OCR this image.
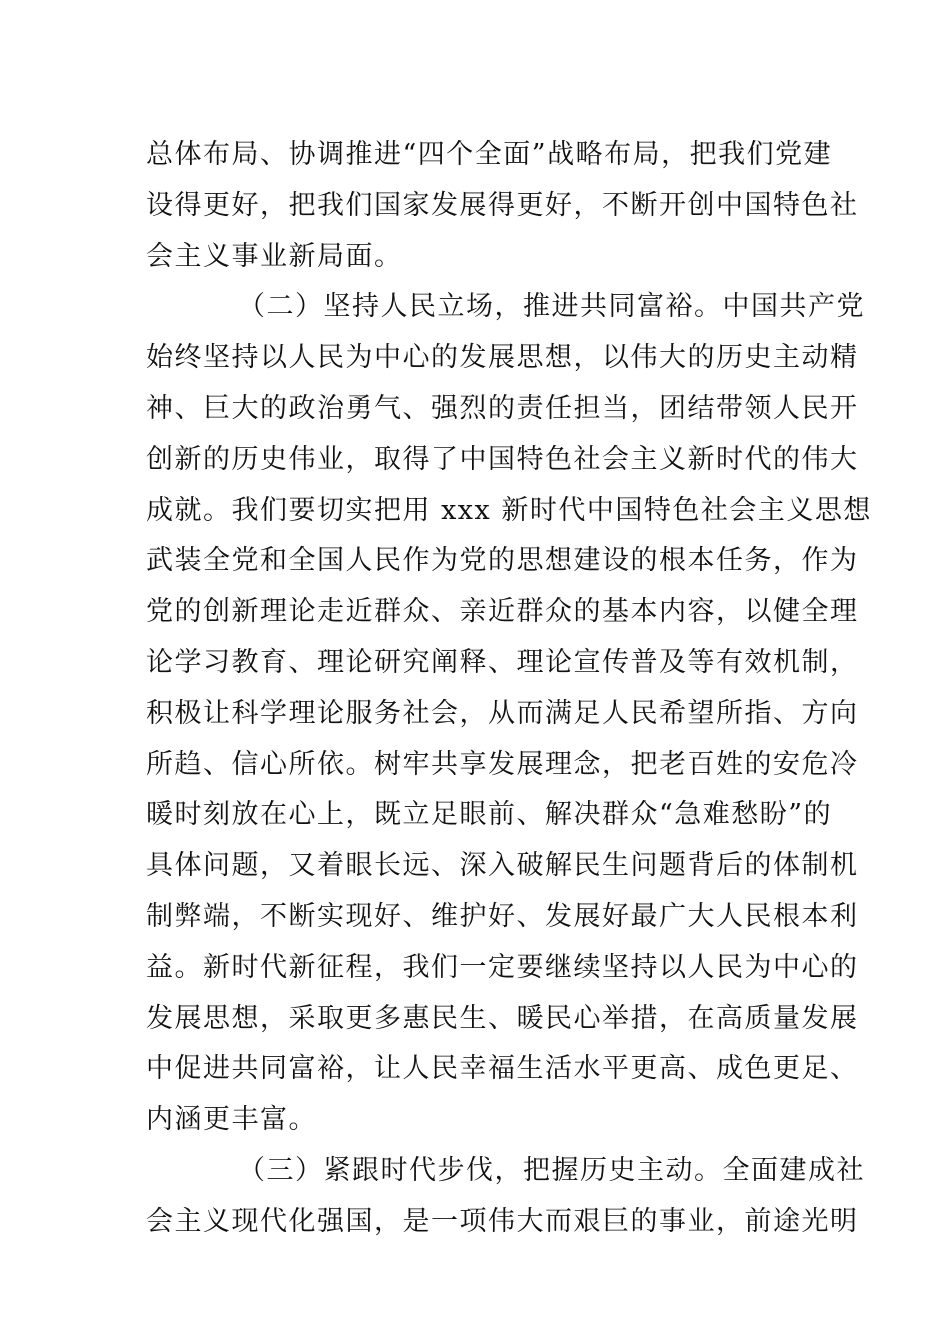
总体布局、协调推进“四个全面”战略布局，把我们党建
设得更好，把我们国家发展得更好，不断开创中国特色社
会主义事业新局面。
（二）坚持人民立场，推进共同富裕。中国共产党
始终坚持以人民为中心的发展思想，以伟大的历史主动精
神、巨大的政治勇气、强烈的责任担当，团结带领人民开
创新的历史伟业，取得了中国特色社会主义新时代的伟大
成就。我们要切实把用 xxx 新时代中国特色社会主义思想
武装全党和全国人民作为党的思想建设的根本任务，作为
党的创新理论走近群众、亲近群众的基本内容，以健全理
论学习教育、理论研究阐释、理论宣传普及等有效机制，
积极让科学理论服务社会，从而满足人民希望所指、方向
所趋、信心所依。树牢共享发展理念，把老百姓的安危冷
暖时刻放在心上，既立足眼前、解决群众“急难愁盼”的
具体问题，又着眼长远、深入破解民生问题背后的体制机
制弊端，不断实现好、维护好、发展好最广大人民根本利
益。新时代新征程，我们一定要继续坚持以人民为中心的
发展思想，采取更多惠民生、暖民心举措，在高质量发展
中促进共同富裕，让人民幸福生活水平更高、成色更足、
内涵更丰富。
（三）紧跟时代步伐，把握历史主动。全面建成社
会主义现代化强国，是一项伟大而艰巨的事业，前途光明
